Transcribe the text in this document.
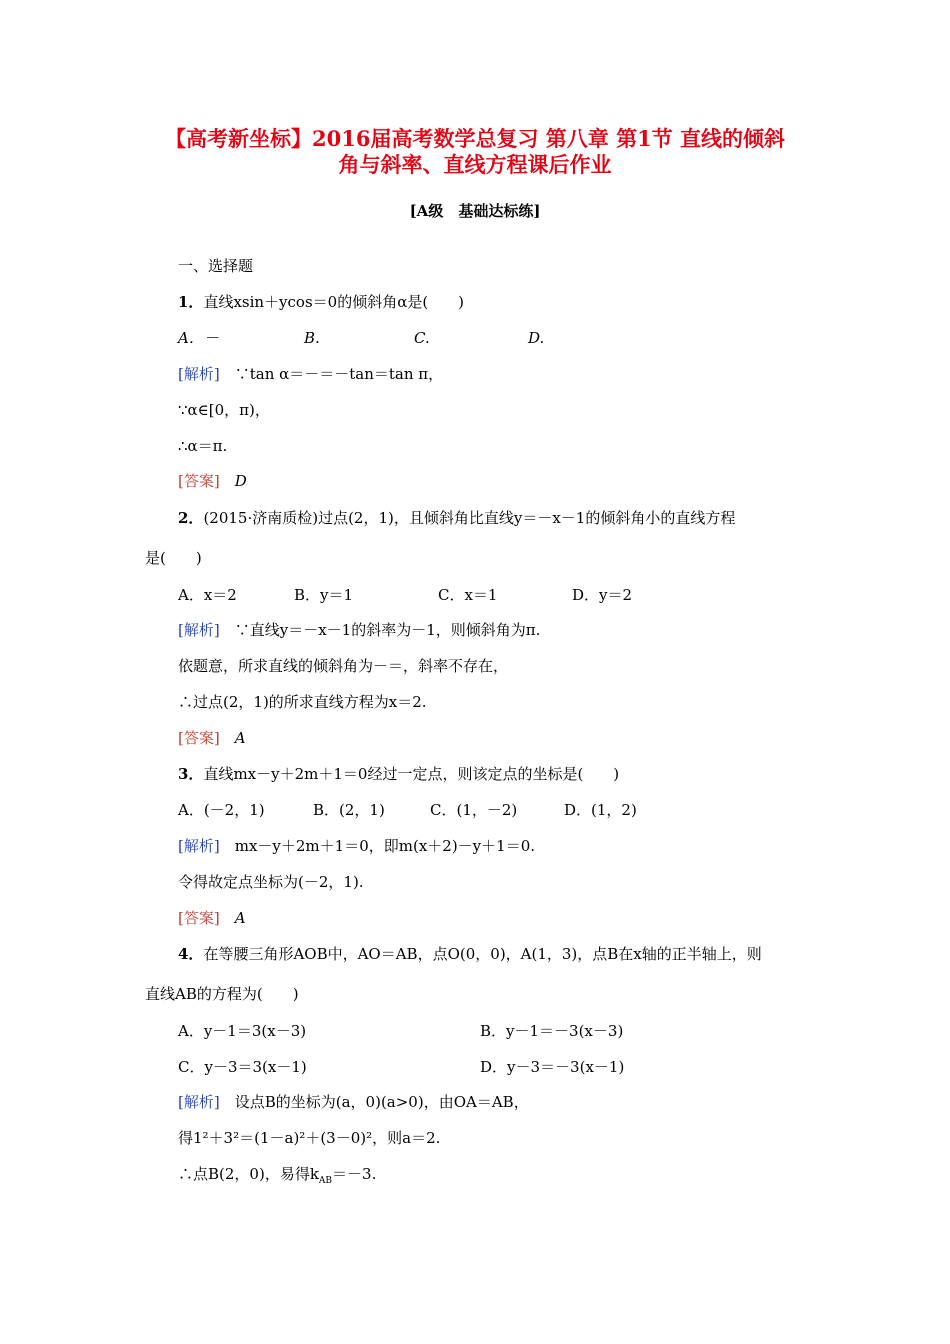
【高考新坐标】2016届高考数学总复习 第八章 第1节 直线的倾斜
角与斜率、直线方程课后作业
[A级　基础达标练]
一、选择题
1．直线xsin＋ycos＝0的倾斜角α是(　　)
A．－	B.	C.	D.
[解析]　 ∵tan α＝－＝－tan＝tan π，
∵α∈[0，π)，
∴α＝π.
[答案]　 D
2．(2015·济南质检)过点(2，1)，且倾斜角比直线y＝－x－1的倾斜角小的直线方程
是(　　)
A．x＝2	B．y＝1	C．x＝1	D．y＝2
[解析]　 ∵直线y＝－x－1的斜率为－1，则倾斜角为π.
依题意，所求直线的倾斜角为－＝，斜率不存在，
∴过点(2，1)的所求直线方程为x＝2.
[答案]　 A
3．直线mx－y＋2m＋1＝0经过一定点，则该定点的坐标是(　　)
A．(－2，1)	B．(2，1)	C．(1，－2)	D．(1，2)
[解析]　 mx－y＋2m＋1＝0，即m(x＋2)－y＋1＝0.
令得故定点坐标为(－2，1).
[答案]　 A
4．在等腰三角形AOB中，AO＝AB，点O(0，0)，A(1，3)，点B在x轴的正半轴上，则
直线AB的方程为(　　)
A．y－1＝3(x－3)	B．y－1＝－3(x－3)
C．y－3＝3(x－1)	D．y－3＝－3(x－1)
[解析]　 设点B的坐标为(a，0)(a>0)，由OA＝AB，
得1²＋3²＝(1－a)²＋(3－0)²，则a＝2.
∴点B(2，0)，易得$k_{AB}=-3$.
